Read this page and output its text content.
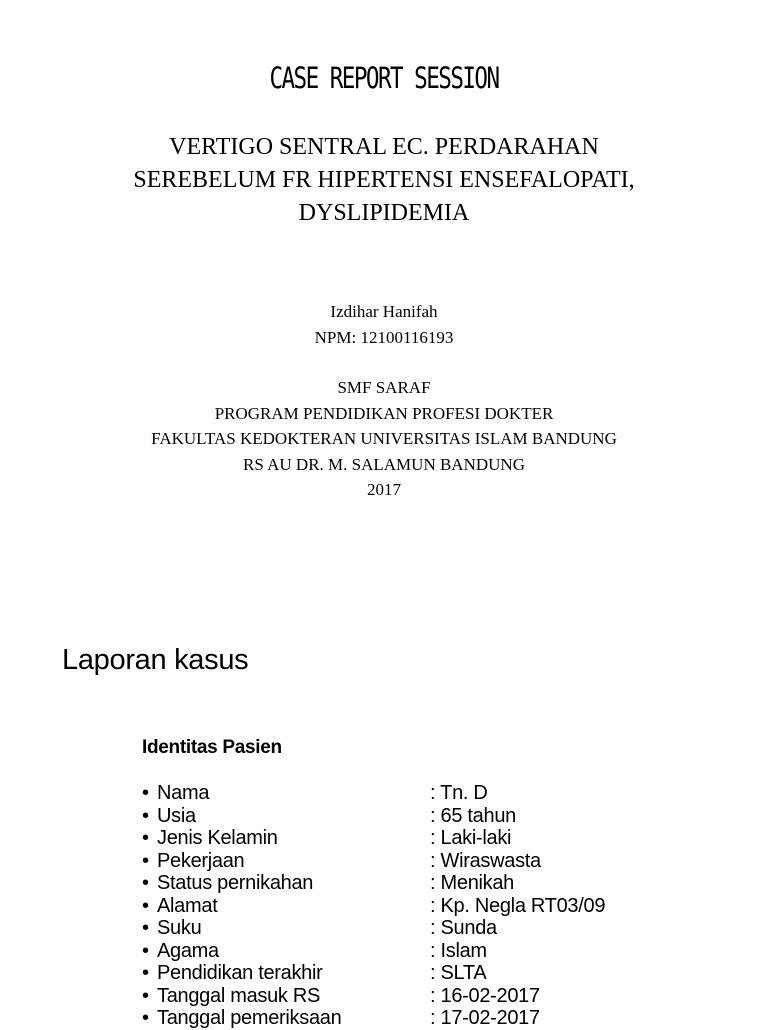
CASE REPORT SESSION
VERTIGO SENTRAL EC. PERDARAHAN
SEREBELUM FR HIPERTENSI ENSEFALOPATI,
DYSLIPIDEMIA
Izdihar Hanifah
NPM: 12100116193
SMF SARAF
PROGRAM PENDIDIKAN PROFESI DOKTER
FAKULTAS KEDOKTERAN UNIVERSITAS ISLAM BANDUNG
RS AU DR. M. SALAMUN BANDUNG
2017
Laporan kasus
Identitas Pasien
• Nama	: Tn. D
• Usia	: 65 tahun
• Jenis Kelamin	: Laki-laki
• Pekerjaan	: Wiraswasta
• Status pernikahan	: Menikah
• Alamat	: Kp. Negla RT03/09
• Suku	: Sunda
• Agama	: Islam
• Pendidikan terakhir	: SLTA
• Tanggal masuk RS	: 16-02-2017
• Tanggal pemeriksaan	: 17-02-2017
